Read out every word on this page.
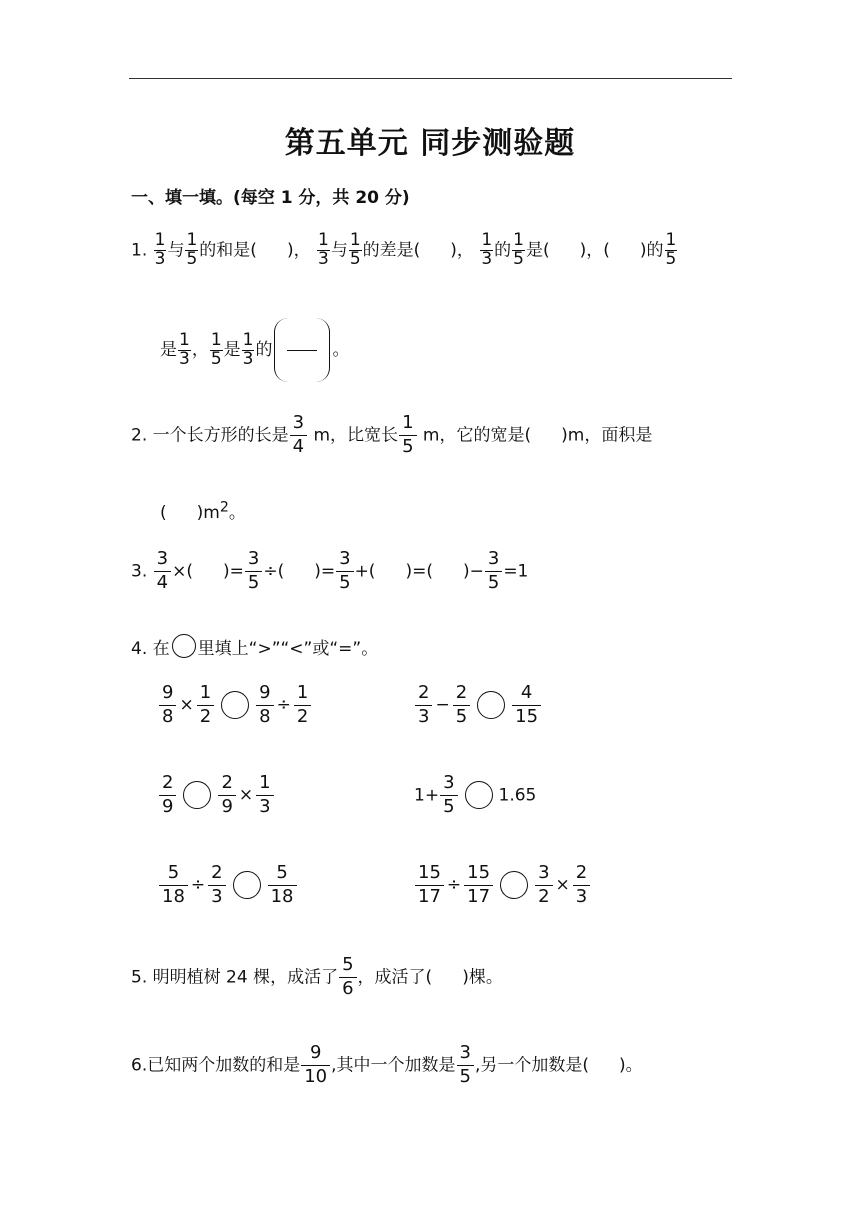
第五单元 同步测验题
一、填一填。(每空 1 分，共 20 分)
1. $\frac{1}{3}$ 与 $\frac{1}{5}$ 的和是( )， $\frac{1}{3}$ 与 $\frac{1}{5}$ 的差是( )， $\frac{1}{3}$ 的 $\frac{1}{5}$ 是( )，( )的 $\frac{1}{5}$
是 $\frac{1}{3}$ ， $\frac{1}{5}$ 是 $\frac{1}{3}$ 的	。
2. 一个长方形的长是 $\frac{3}{4}$ m，比宽长 $\frac{1}{5}$ m，它的宽是( )m，面积是
( )$m^2$。
3. $\frac{3}{4}$ ×( )= $\frac{3}{5}$ ÷( )= $\frac{3}{5}$ +( )=( )− $\frac{3}{5} =1$
4. 在 里填上“>”“<”或“=”。
$\frac{9}{8} \times \frac{1}{2} \frac{9}{8} \div \frac{1}{2}$	$\frac{2}{3} - \frac{2}{5} \frac{4}{15}$
$\frac{2}{9} \frac{2}{9} \times \frac{1}{3}$	$1+ \frac{3}{5} 1.65$
$\frac{5}{18} \div \frac{2}{3} \frac{5}{18}$	$\frac{15}{17} \div \frac{15}{17} \frac{3}{2} \times \frac{2}{3}$
5. 明明植树 24 棵，成活了 $\frac{5}{6}$ ，成活了( )棵。
6.已知两个加数的和是 $\frac{9}{10}$ ,其中一个加数是 $\frac{3}{5}$ ,另一个加数是( )。
